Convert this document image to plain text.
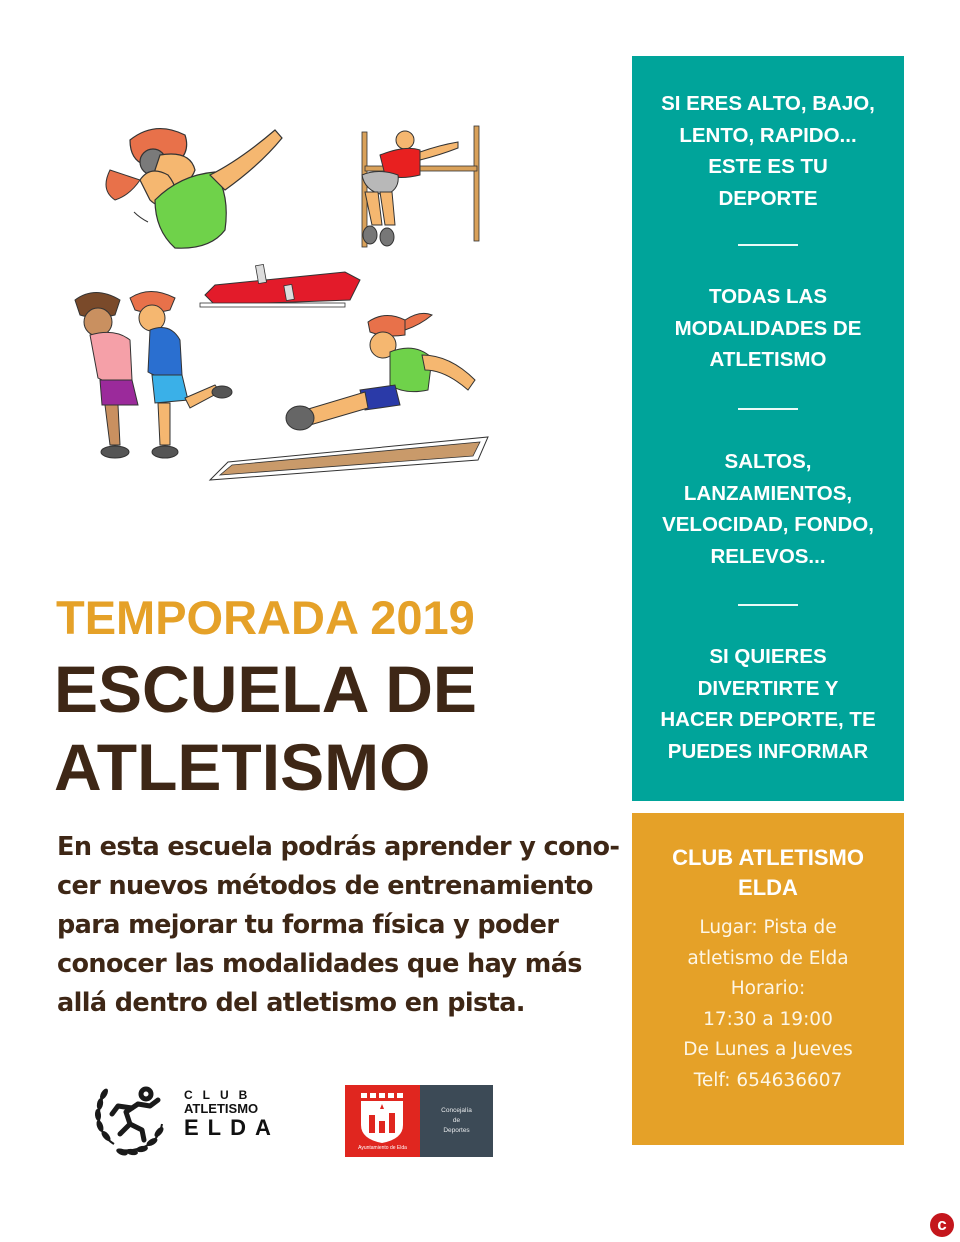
TEMPORADA 2019
ESCUELA DE
ATLETISMO
En esta escuela podrás aprender y cono-
cer nuevos métodos de entrenamiento
para mejorar tu forma física y poder
conocer las modalidades que hay más
allá dentro del atletismo en pista.
SI ERES ALTO, BAJO,
LENTO, RAPIDO...
ESTE ES TU
DEPORTE
TODAS LAS
MODALIDADES DE
ATLETISMO
SALTOS,
LANZAMIENTOS,
VELOCIDAD, FONDO,
RELEVOS...
SI QUIERES
DIVERTIRTE Y
HACER DEPORTE, TE
PUEDES INFORMAR
CLUB ATLETISMO
ELDA
Lugar: Pista de
atletismo de Elda
Horario:
17:30 a 19:00
De Lunes a Jueves
Telf: 654636607
CLUB
ATLETISMO
ELDA
Ayuntamiento de Elda
Concejalía
de
Deportes
c
